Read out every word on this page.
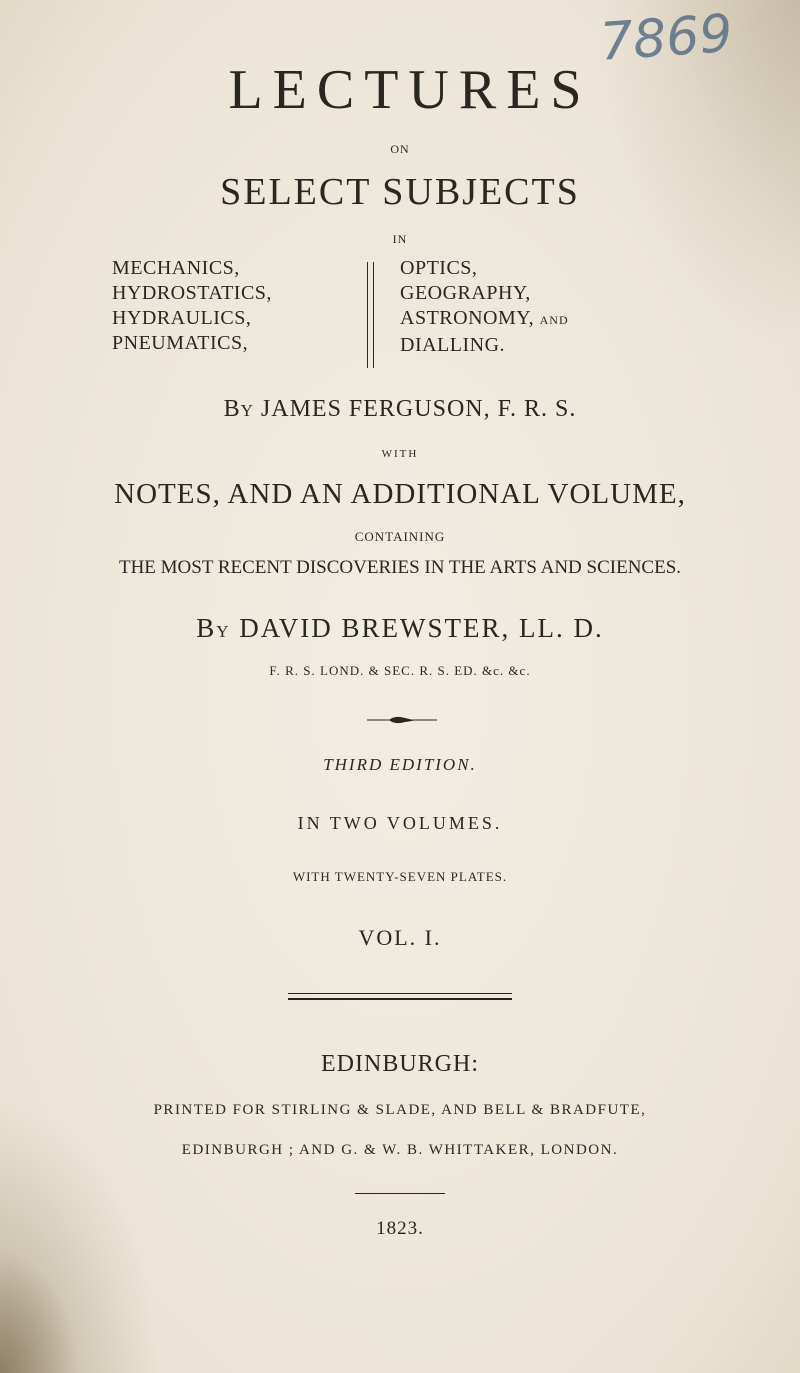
7869
LECTURES
ON
SELECT SUBJECTS
IN
MECHANICS,
HYDROSTATICS,
HYDRAULICS,
PNEUMATICS,
OPTICS,
GEOGRAPHY,
ASTRONOMY, AND
DIALLING.
BY JAMES FERGUSON, F. R. S.
WITH
NOTES, AND AN ADDITIONAL VOLUME,
CONTAINING
THE MOST RECENT DISCOVERIES IN THE ARTS AND SCIENCES.
BY DAVID BREWSTER, LL. D.
F. R. S. LOND. & SEC. R. S. ED. &c. &c.
THIRD EDITION.
IN TWO VOLUMES.
WITH TWENTY-SEVEN PLATES.
VOL. I.
EDINBURGH:
PRINTED FOR STIRLING & SLADE, AND BELL & BRADFUTE,
EDINBURGH ; AND G. & W. B. WHITTAKER, LONDON.
1823.
